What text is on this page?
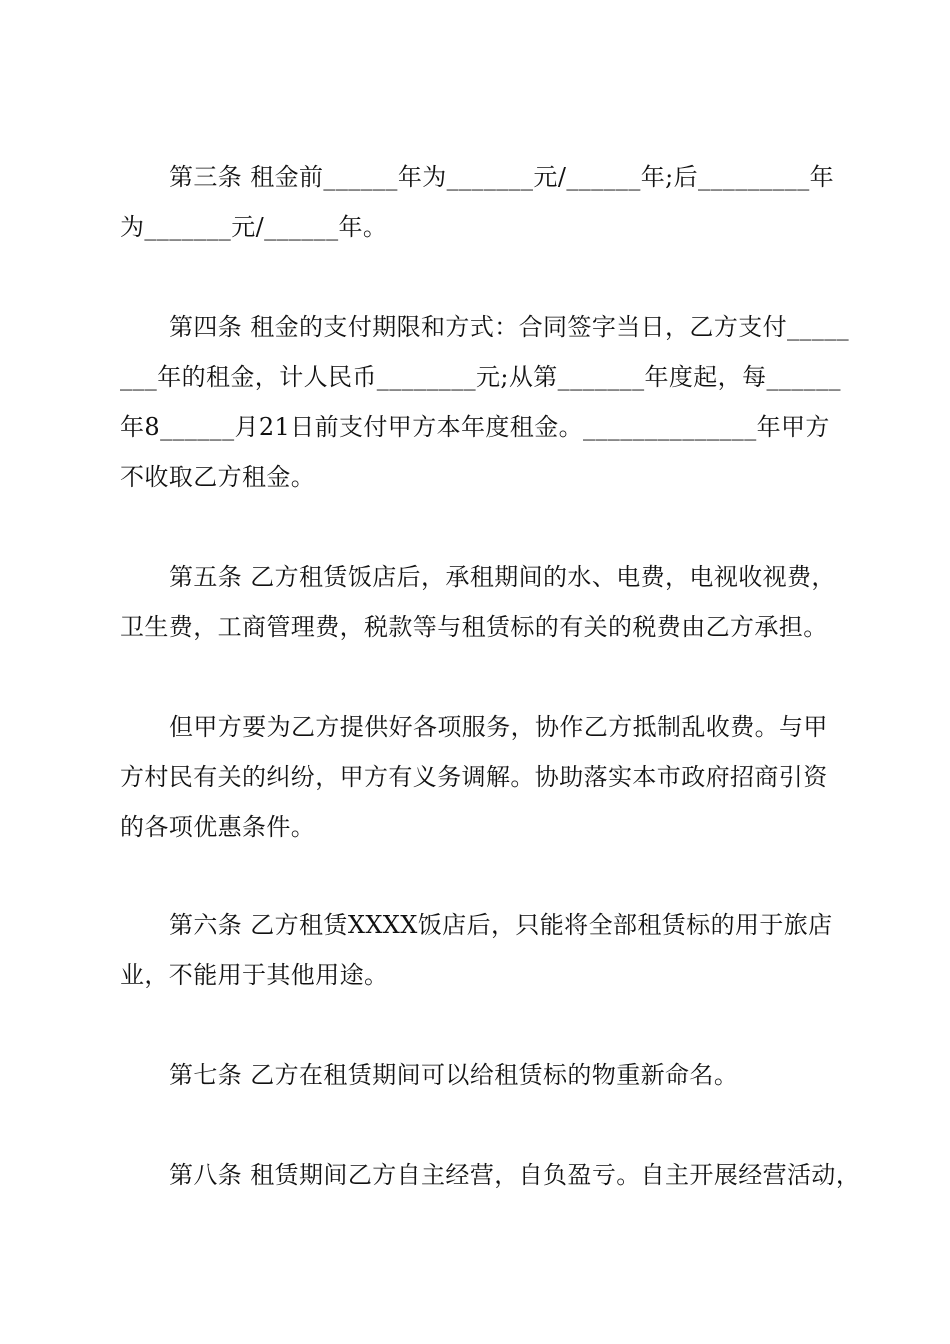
第三条 租金前______年为_______元/______年;后_________年
为_______元/______年。
第四条 租金的支付期限和方式：合同签字当日，乙方支付_____
___年的租金，计人民币________元;从第_______年度起，每______
年8______月21日前支付甲方本年度租金。______________年甲方
不收取乙方租金。
第五条 乙方租赁饭店后，承租期间的水、电费，电视收视费，
卫生费，工商管理费，税款等与租赁标的有关的税费由乙方承担。
但甲方要为乙方提供好各项服务，协作乙方抵制乱收费。与甲
方村民有关的纠纷，甲方有义务调解。协助落实本市政府招商引资
的各项优惠条件。
第六条 乙方租赁XXXX饭店后，只能将全部租赁标的用于旅店
业，不能用于其他用途。
第七条 乙方在租赁期间可以给租赁标的物重新命名。
第八条 租赁期间乙方自主经营，自负盈亏。自主开展经营活动，
